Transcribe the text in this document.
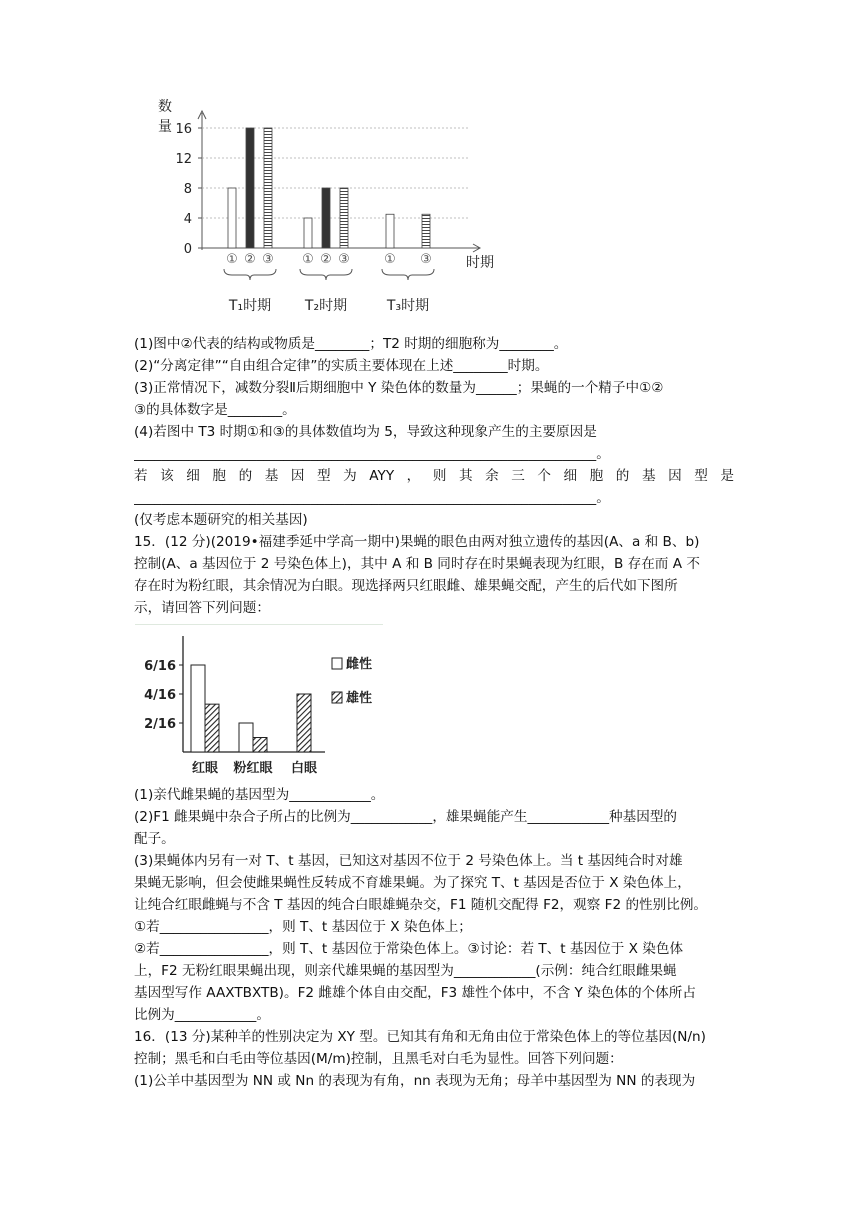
数
量
0
4
8
12
16
时期
① ② ③
T₁时期
① ② ③
T₂时期
① ③
T₃时期
(1)图中②代表的结构或物质是________；T2 时期的细胞称为________。
(2)“分离定律”“自由组合定律”的实质主要体现在上述________时期。
(3)正常情况下，减数分裂Ⅱ后期细胞中 Y 染色体的数量为______；果蝇的一个精子中①②
③的具体数字是________。
(4)若图中 T3 时期①和③的具体数值均为 5，导致这种现象产生的主要原因是
____________________________________________________________________。
若 该 细 胞 的 基 因 型 为 AYY ， 则 其 余 三 个 细 胞 的 基 因 型 是
____________________________________________________________________。
(仅考虑本题研究的相关基因)
15．(12 分)(2019•福建季延中学高一期中)果蝇的眼色由两对独立遗传的基因(A、a 和 B、b)
控制(A、a 基因位于 2 号染色体上)，其中 A 和 B 同时存在时果蝇表现为红眼，B 存在而 A 不
存在时为粉红眼，其余情况为白眼。现选择两只红眼雌、雄果蝇交配，产生的后代如下图所
示，请回答下列问题：
2/16
4/16
6/16
红眼 粉红眼 白眼
雌性
雄性
(1)亲代雌果蝇的基因型为____________。
(2)F1 雌果蝇中杂合子所占的比例为____________，雄果蝇能产生____________种基因型的
配子。
(3)果蝇体内另有一对 T、t 基因，已知这对基因不位于 2 号染色体上。当 t 基因纯合时对雄
果蝇无影响，但会使雌果蝇性反转成不育雄果蝇。为了探究 T、t 基因是否位于 X 染色体上，
让纯合红眼雌蝇与不含 T 基因的纯合白眼雄蝇杂交，F1 随机交配得 F2，观察 F2 的性别比例。
①若________________，则 T、t 基因位于 X 染色体上；
②若________________，则 T、t 基因位于常染色体上。③讨论：若 T、t 基因位于 X 染色体
上，F2 无粉红眼果蝇出现，则亲代雄果蝇的基因型为____________(示例：纯合红眼雌果蝇
基因型写作 AAXTBXTB)。F2 雌雄个体自由交配，F3 雄性个体中，不含 Y 染色体的个体所占
比例为____________。
16．(13 分)某种羊的性别决定为 XY 型。已知其有角和无角由位于常染色体上的等位基因(N/n)
控制；黑毛和白毛由等位基因(M/m)控制，且黑毛对白毛为显性。回答下列问题：
(1)公羊中基因型为 NN 或 Nn 的表现为有角，nn 表现为无角；母羊中基因型为 NN 的表现为
